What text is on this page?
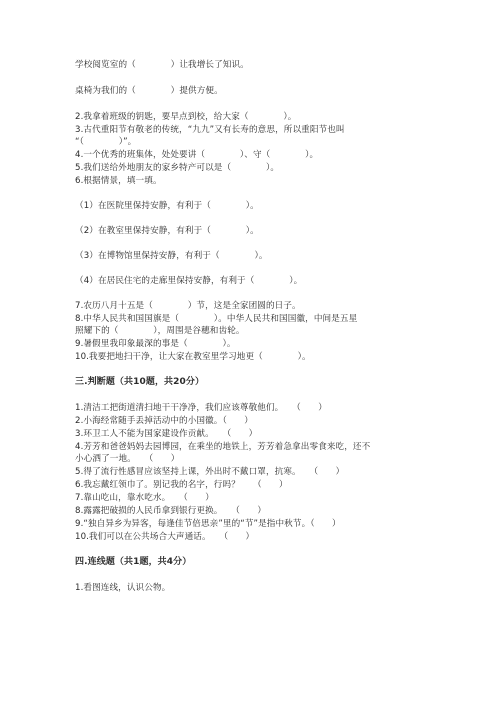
学校阅览室的（　　　　）让我增长了知识。
桌椅为我们的（　　　　）提供方便。
2.我拿着班级的钥匙，要早点到校，给大家（　　　　）。
3.古代重阳节有敬老的传统，“九九”又有长寿的意思，所以重阳节也叫
“（　　　　）”。
4.一个优秀的班集体，处处要讲（　　　　）、守（　　　　）。
5.我们送给外地朋友的家乡特产可以是（　　　　）。
6.根据情景，填一填。
（1）在医院里保持安静，有利于（　　　　）。
（2）在教室里保持安静，有利于（　　　　）。
（3）在博物馆里保持安静，有利于（　　　　）。
（4）在居民住宅的走廊里保持安静，有利于（　　　　）。
7.农历八月十五是（　　　　）节，这是全家团圆的日子。
8.中华人民共和国国旗是（　　　　）。中华人民共和国国徽，中间是五星
照耀下的（　　　　），周围是谷穗和齿轮。
9.暑假里我印象最深的事是（　　　　）。
10.我要把地扫干净，让大家在教室里学习地更（　　　　）。
三.判断题（共10题，共20分）
1.清洁工把街道清扫地干干净净，我们应该尊敬他们。　　（　　）
2.小海经常随手丢掉活动中的小国徽。（　　）
3.环卫工人不能为国家建设作贡献。　　（　　）
4.芳芳和爸爸妈妈去园博园，在乘坐的地铁上，芳芳着急拿出零食来吃，还不
小心洒了一地。　　（　　）
5.得了流行性感冒应该坚持上课，外出时不戴口罩，抗寒。　　（　　）
6.我忘戴红领巾了。别记我的名字，行吗？　　（　　）
7.靠山吃山，靠水吃水。　　（　　）
8.露露把破损的人民币拿到银行更换。　　（　　）
9.“独自异乡为异客，每逢佳节倍思亲”里的“节”是指中秋节。（　　）
10.我们可以在公共场合大声通话。　　（　　）
四.连线题（共1题，共4分）
1.看图连线，认识公物。
